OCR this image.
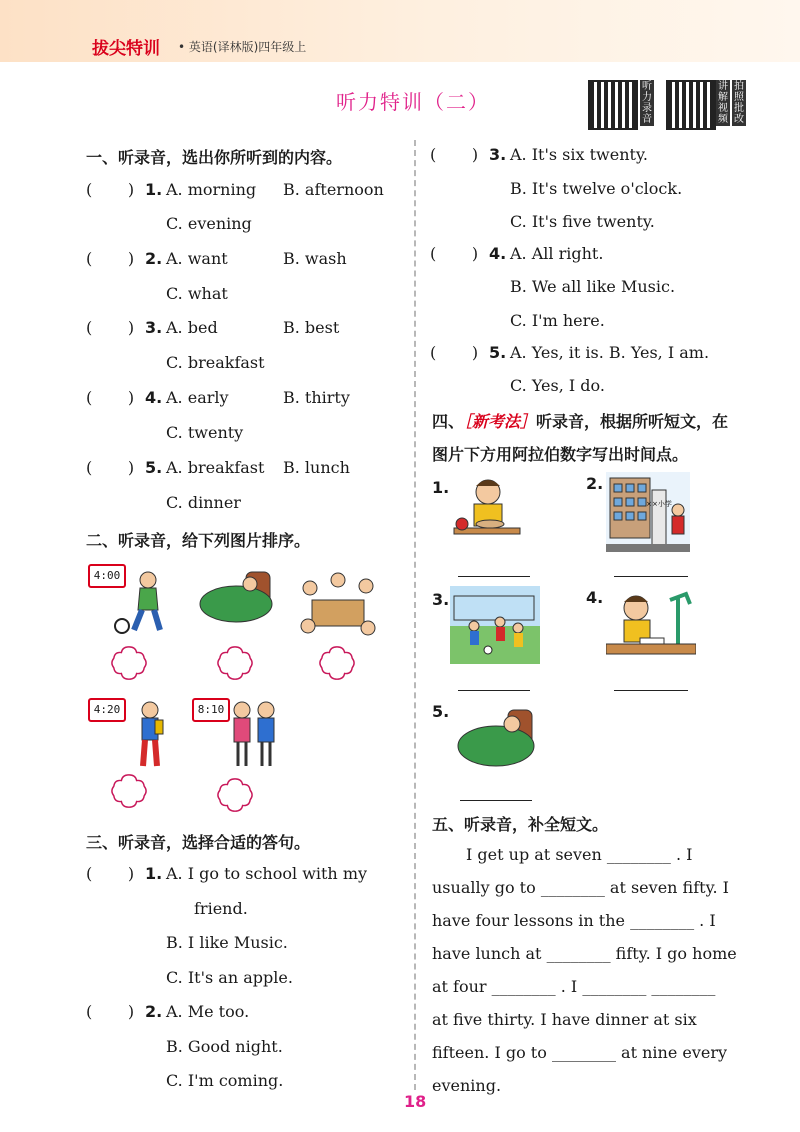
拔尖特训 • 英语(译林版)四年级上
听力特训（二）
听力录音
讲解视频
拍照批改
一、听录音，选出你所听到的内容。
(       ) 1. A. morning B. afternoon
C. evening
(       ) 2. A. want	B. wash
C. what
(       ) 3. A. bed	B. best
C. breakfast
(       ) 4. A. early	B. thirty
C. twenty
(       ) 5. A. breakfast B. lunch
C. dinner
二、听录音，给下列图片排序。
4:00
4:20	8:10
三、听录音，选择合适的答句。
(       ) 1. A. I go to school with my
friend.
B. I like Music.
C. It's an apple.
(       ) 2. A. Me too.
B. Good night.
C. I'm coming.
(       ) 3. A. It's six twenty.
B. It's twelve o'clock.
C. It's five twenty.
(       ) 4. A. All right.
B. We all like Music.
C. I'm here.
(       ) 5. A. Yes, it is. B. Yes, I am.
C. Yes, I do.
四、［新考法］听录音，根据所听短文，在
图片下方用阿拉伯数字写出时间点。
1.	2.
××小学
3.	4.
5.
五、听录音，补全短文。
I get up at seven ________ . I
usually go to ________ at seven fifty. I
have four lessons in the ________ . I
have lunch at ________ fifty. I go home
at four ________ . I ________ ________
at five thirty. I have dinner at six
fifteen. I go to ________ at nine every
evening.
18
